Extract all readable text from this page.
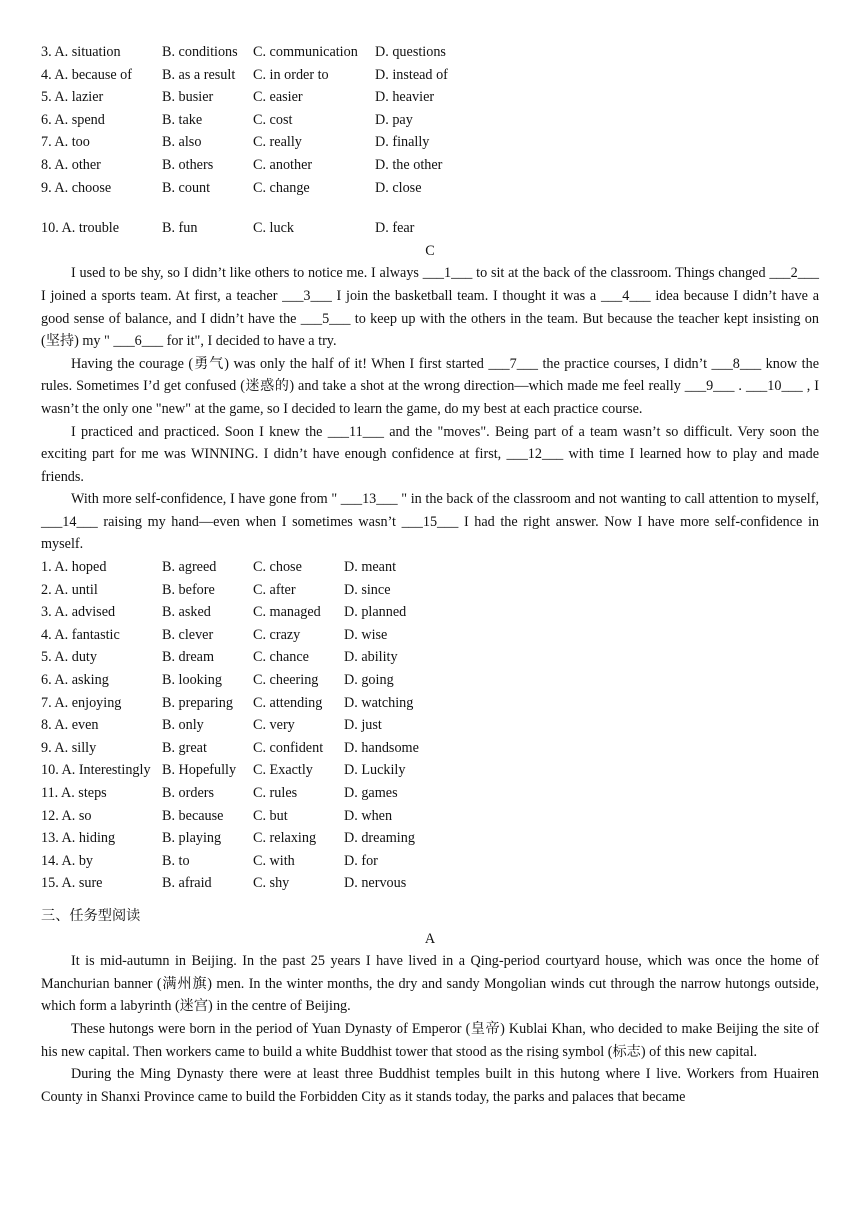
3. A. situation	B. conditions	C. communication	D. questions
4. A. because of	B. as a result	C. in order to	D. instead of
5. A. lazier	B. busier	C. easier	D. heavier
6. A. spend	B. take	C. cost	D. pay
7. A. too	B. also	C. really	D. finally
8. A. other	B. others	C. another	D. the other
9. A. choose	B. count	C. change	D. close
10. A. trouble	B. fun	C. luck	D. fear
C

I used to be shy, so I didn’t like others to notice me. I always ___1___ to sit at the back of the classroom. Things changed ___2___ I joined a sports team. At first, a teacher ___3___ I join the basketball team. I thought it was a ___4___ idea because I didn’t have a good sense of balance, and I didn’t have the ___5___ to keep up with the others in the team. But because the teacher kept insisting on (坚持) my " ___6___ for it", I decided to have a try.

Having the courage (勇气) was only the half of it! When I first started ___7___ the practice courses, I didn’t ___8___ know the rules. Sometimes I’d get confused (迷惑的) and take a shot at the wrong direction—which made me feel really ___9___ . ___10___ , I wasn’t the only one "new" at the game, so I decided to learn the game, do my best at each practice course.

I practiced and practiced. Soon I knew the ___11___ and the "moves". Being part of a team wasn’t so difficult. Very soon the exciting part for me was WINNING. I didn’t have enough confidence at first, ___12___ with time I learned how to play and made friends.

With more self-confidence, I have gone from " ___13___ " in the back of the classroom and not wanting to call attention to myself, ___14___ raising my hand—even when I sometimes wasn’t ___15___ I had the right answer. Now I have more self-confidence in myself.

1. A. hoped	B. agreed	C. chose	D. meant
2. A. until	B. before	C. after	D. since
3. A. advised	B. asked	C. managed	D. planned
4. A. fantastic	B. clever	C. crazy	D. wise
5. A. duty	B. dream	C. chance	D. ability
6. A. asking	B. looking	C. cheering	D. going
7. A. enjoying	B. preparing	C. attending	D. watching
8. A. even	B. only	C. very	D. just
9. A. silly	B. great	C. confident	D. handsome
10. A. Interestingly B. Hopefully	C. Exactly	D. Luckily
11. A. steps	B. orders	C. rules	D. games
12. A. so	B. because	C. but	D. when
13. A. hiding	B. playing	C. relaxing	D. dreaming
14. A. by	B. to	C. with	D. for
15. A. sure	B. afraid	C. shy	D. nervous
三、任务型阅读
A

It is mid-autumn in Beijing. In the past 25 years I have lived in a Qing-period courtyard house, which was once the home of Manchurian banner (满州旗) men. In the winter months, the dry and sandy Mongolian winds cut through the narrow hutongs outside, which form a labyrinth (迷宫) in the centre of Beijing.

These hutongs were born in the period of Yuan Dynasty of Emperor (皇帝) Kublai Khan, who decided to make Beijing the site of his new capital. Then workers came to build a white Buddhist tower that stood as the rising symbol (标志) of this new capital.

During the Ming Dynasty there were at least three Buddhist temples built in this hutong where I live. Workers from Huairen County in Shanxi Province came to build the Forbidden City as it stands today, the parks and palaces that became
